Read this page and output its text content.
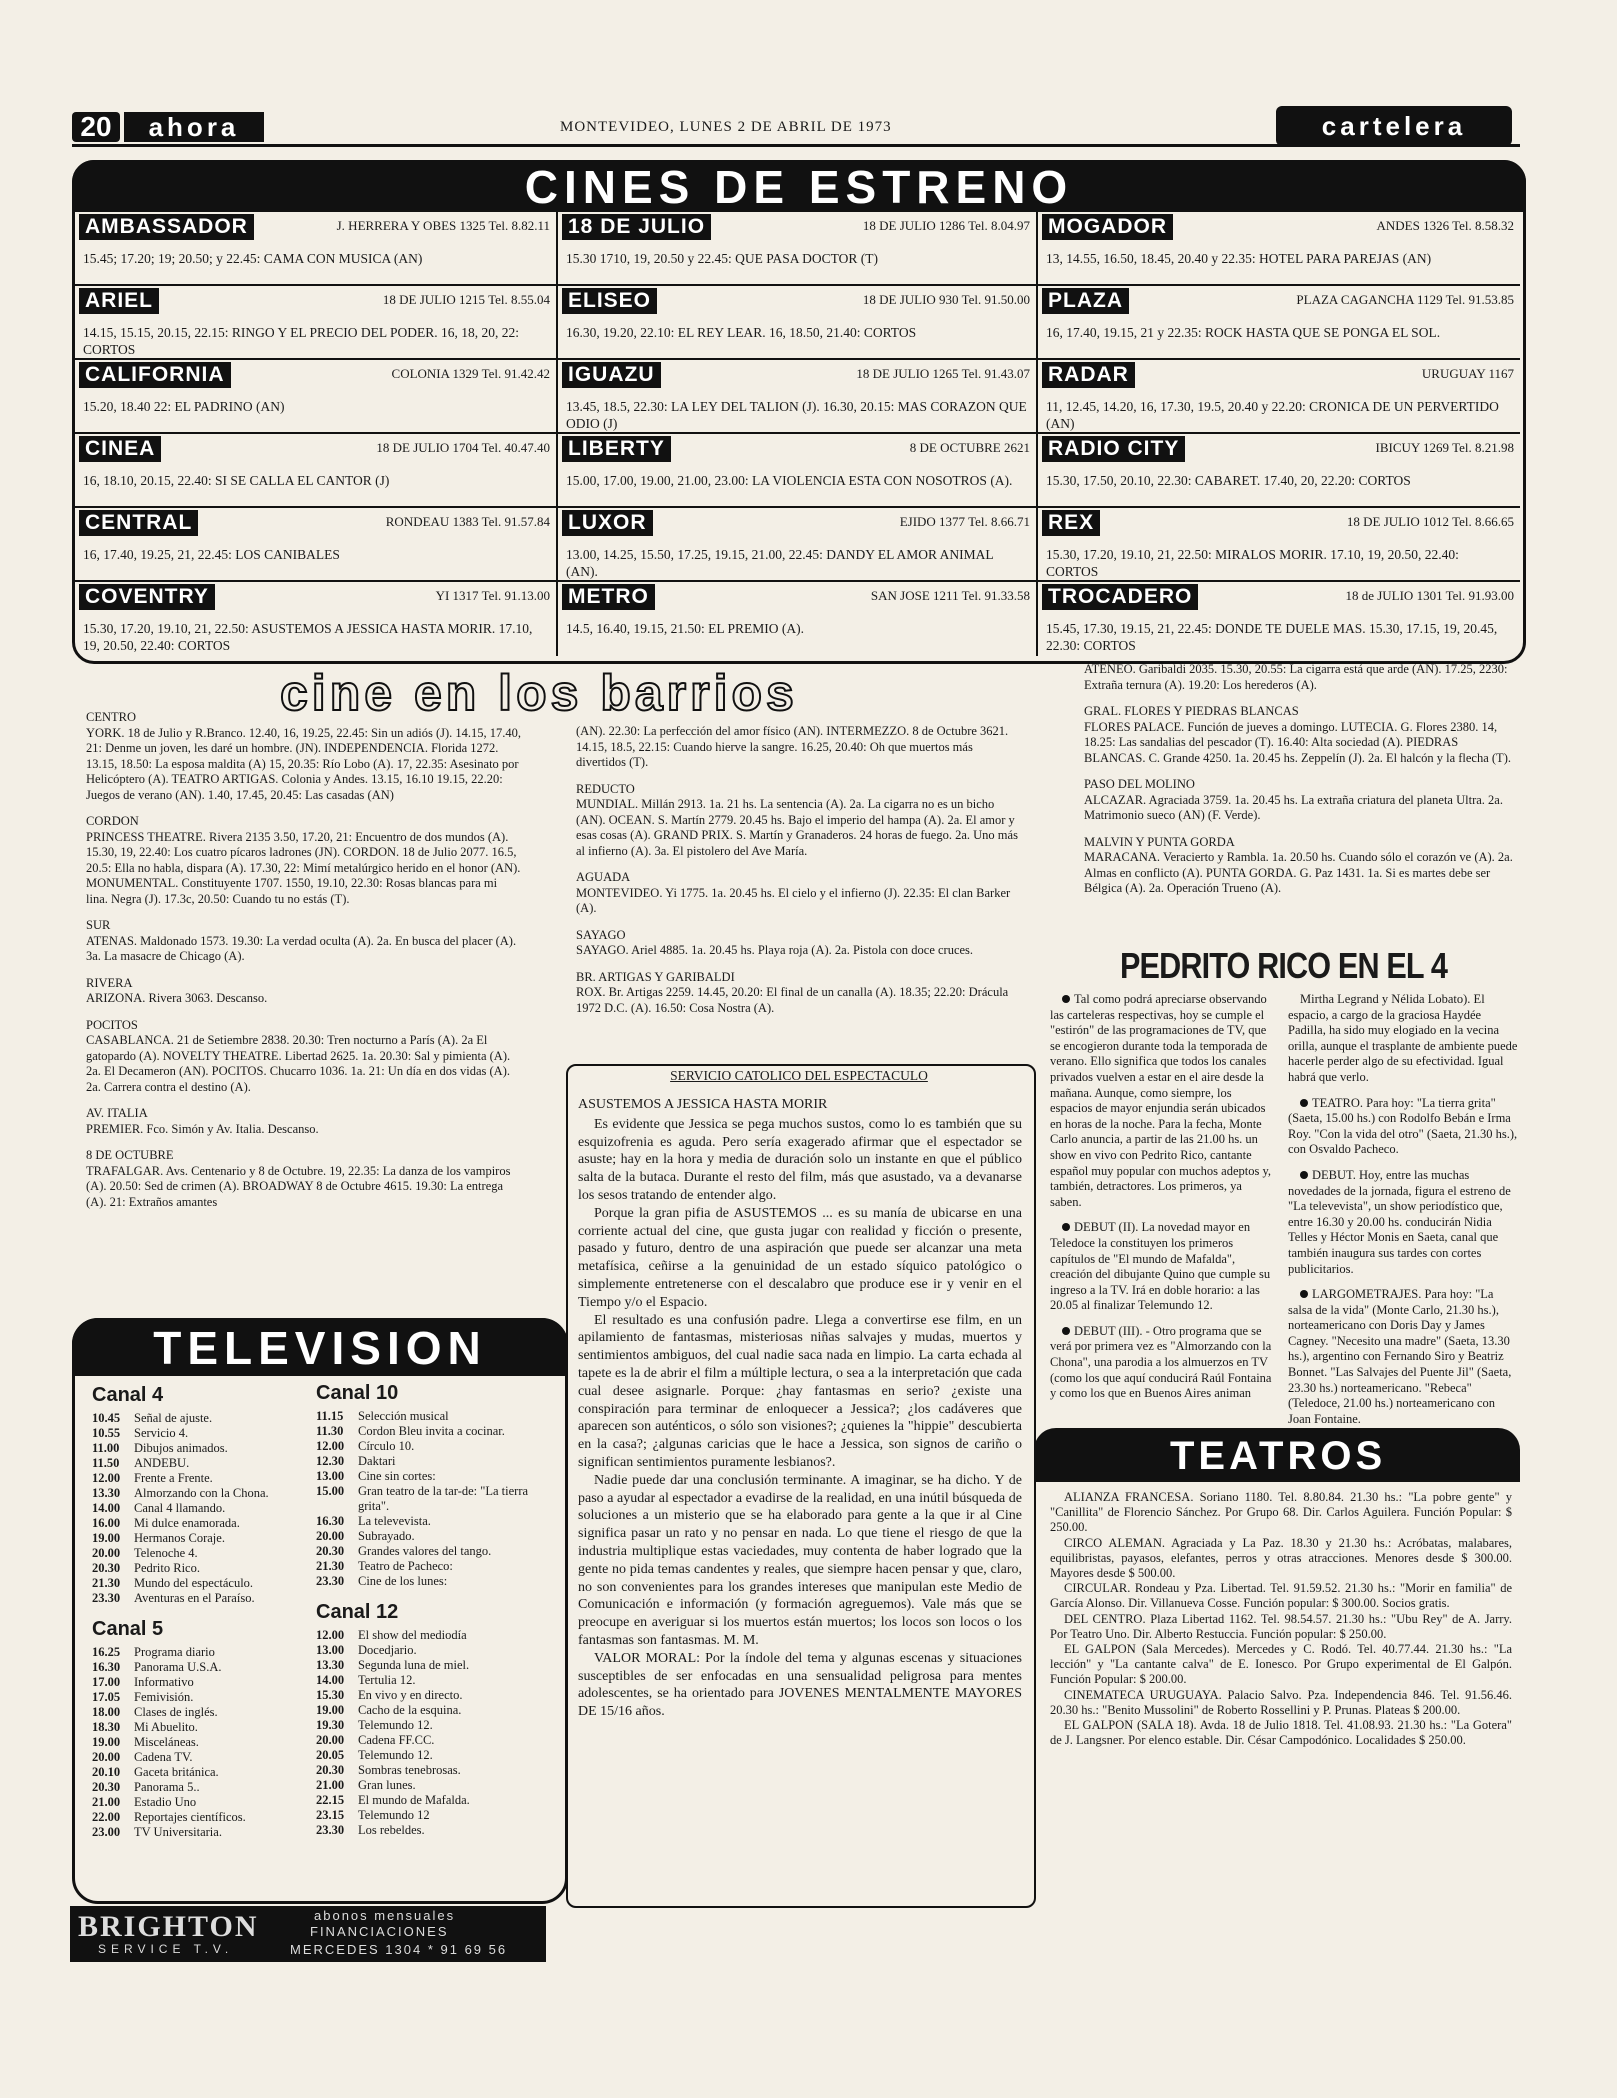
20	ahora	MONTEVIDEO, LUNES 2 DE ABRIL DE 1973	cartelera
CINES DE ESTRENO
AMBASSADOR	J. HERRERA Y OBES 1325 Tel. 8.82.11
15.45; 17.20; 19; 20.50; y 22.45: CAMA CON MUSICA (AN)
18 DE JULIO	18 DE JULIO 1286 Tel. 8.04.97
15.30 1710, 19, 20.50 y 22.45: QUE PASA DOCTOR (T)
MOGADOR	ANDES 1326 Tel. 8.58.32
13, 14.55, 16.50, 18.45, 20.40 y 22.35: HOTEL PARA PAREJAS (AN)
ARIEL	18 DE JULIO 1215 Tel. 8.55.04
14.15, 15.15, 20.15, 22.15: RINGO Y EL PRECIO DEL PODER. 16, 18, 20, 22: CORTOS
ELISEO	18 DE JULIO 930 Tel. 91.50.00
16.30, 19.20, 22.10: EL REY LEAR. 16, 18.50, 21.40: CORTOS
PLAZA	PLAZA CAGANCHA 1129 Tel. 91.53.85
16, 17.40, 19.15, 21 y 22.35: ROCK HASTA QUE SE PONGA EL SOL.
CALIFORNIA	COLONIA 1329 Tel. 91.42.42
15.20, 18.40 22: EL PADRINO (AN)
IGUAZU	18 DE JULIO 1265 Tel. 91.43.07
13.45, 18.5, 22.30: LA LEY DEL TALION (J). 16.30, 20.15: MAS CORAZON QUE ODIO (J)
RADAR	URUGUAY 1167
11, 12.45, 14.20, 16, 17.30, 19.5, 20.40 y 22.20: CRONICA DE UN PERVERTIDO (AN)
CINEA	18 DE JULIO 1704 Tel. 40.47.40
16, 18.10, 20.15, 22.40: SI SE CALLA EL CANTOR (J)
LIBERTY	8 DE OCTUBRE 2621
15.00, 17.00, 19.00, 21.00, 23.00: LA VIOLENCIA ESTA CON NOSOTROS (A).
RADIO CITY	IBICUY 1269 Tel. 8.21.98
15.30, 17.50, 20.10, 22.30: CABARET. 17.40, 20, 22.20: CORTOS
CENTRAL	RONDEAU 1383 Tel. 91.57.84
16, 17.40, 19.25, 21, 22.45: LOS CANIBALES
LUXOR	EJIDO 1377 Tel. 8.66.71
13.00, 14.25, 15.50, 17.25, 19.15, 21.00, 22.45: DANDY EL AMOR ANIMAL (AN).
REX	18 DE JULIO 1012 Tel. 8.66.65
15.30, 17.20, 19.10, 21, 22.50: MIRALOS MORIR. 17.10, 19, 20.50, 22.40: CORTOS
COVENTRY	YI 1317 Tel. 91.13.00
15.30, 17.20, 19.10, 21, 22.50: ASUSTEMOS A JESSICA HASTA MORIR. 17.10, 19, 20.50, 22.40: CORTOS
METRO	SAN JOSE 1211 Tel. 91.33.58
14.5, 16.40, 19.15, 21.50: EL PREMIO (A).
TROCADERO	18 de JULIO 1301 Tel. 91.93.00
15.45, 17.30, 19.15, 21, 22.45: DONDE TE DUELE MAS. 15.30, 17.15, 19, 20.45, 22.30: CORTOS
cine en los barrios

CENTRO
YORK. 18 de Julio y R.Branco. 12.40, 16, 19.25, 22.45: Sin un adiós (J). 14.15, 17.40, 21: Denme un joven, les daré un hombre. (JN). INDEPENDENCIA. Florida 1272. 13.15, 18.50: La esposa maldita (A) 15, 20.35: Río Lobo (A). 17, 22.35: Asesinato por Helicóptero (A). TEATRO ARTIGAS. Colonia y Andes. 13.15, 16.10 19.15, 22.20: Juegos de verano (AN). 1.40, 17.45, 20.45: Las casadas (AN)

CORDON
PRINCESS THEATRE. Rivera 2135 3.50, 17.20, 21: Encuentro de dos mundos (A). 15.30, 19, 22.40: Los cuatro pícaros ladrones (JN). CORDON. 18 de Julio 2077. 16.5, 20.5: Ella no habla, dispara (A). 17.30, 22: Mimí metalúrgico herido en el honor (AN). MONUMENTAL. Constituyente 1707. 1550, 19.10, 22.30: Rosas blancas para mi lina. Negra (J). 17.3c, 20.50: Cuando tu no estás (T).

SUR
ATENAS. Maldonado 1573. 19.30: La verdad oculta (A). 2a. En busca del placer (A). 3a. La masacre de Chicago (A).

RIVERA
ARIZONA. Rivera 3063. Descanso.

POCITOS
CASABLANCA. 21 de Setiembre 2838. 20.30: Tren nocturno a París (A). 2a El gatopardo (A). NOVELTY THEATRE. Libertad 2625. 1a. 20.30: Sal y pimienta (A). 2a. El Decameron (AN). POCITOS. Chucarro 1036. 1a. 21: Un día en dos vidas (A). 2a. Carrera contra el destino (A).

AV. ITALIA
PREMIER. Fco. Simón y Av. Italia. Descanso.

8 DE OCTUBRE
TRAFALGAR. Avs. Centenario y 8 de Octubre. 19, 22.35: La danza de los vampiros (A). 20.50: Sed de crimen (A). BROADWAY 8 de Octubre 4615. 19.30: La entrega (A). 21: Extraños amantes

(AN). 22.30: La perfección del amor físico (AN). INTERMEZZO. 8 de Octubre 3621. 14.15, 18.5, 22.15: Cuando hierve la sangre. 16.25, 20.40: Oh que muertos más divertidos (T).

REDUCTO
MUNDIAL. Millán 2913. 1a. 21 hs. La sentencia (A). 2a. La cigarra no es un bicho (AN). OCEAN. S. Martín 2779. 20.45 hs. Bajo el imperio del hampa (A). 2a. El amor y esas cosas (A). GRAND PRIX. S. Martín y Granaderos. 24 horas de fuego. 2a. Uno más al infierno (A). 3a. El pistolero del Ave María.

AGUADA
MONTEVIDEO. Yi 1775. 1a. 20.45 hs. El cielo y el infierno (J). 22.35: El clan Barker (A).

SAYAGO
SAYAGO. Ariel 4885. 1a. 20.45 hs. Playa roja (A). 2a. Pistola con doce cruces.

BR. ARTIGAS Y GARIBALDI
ROX. Br. Artigas 2259. 14.45, 20.20: El final de un canalla (A). 18.35; 22.20: Drácula 1972 D.C. (A). 16.50: Cosa Nostra (A).

ATENEO. Garibaldi 2035. 15.30, 20.55: La cigarra está que arde (AN). 17.25, 2230: Extraña ternura (A). 19.20: Los herederos (A).

GRAL. FLORES Y PIEDRAS BLANCAS
FLORES PALACE. Función de jueves a domingo. LUTECIA. G. Flores 2380. 14, 18.25: Las sandalias del pescador (T). 16.40: Alta sociedad (A). PIEDRAS BLANCAS. C. Grande 4250. 1a. 20.45 hs. Zeppelín (J). 2a. El halcón y la flecha (T).

PASO DEL MOLINO
ALCAZAR. Agraciada 3759. 1a. 20.45 hs. La extraña criatura del planeta Ultra. 2a. Matrimonio sueco (AN) (F. Verde).

MALVIN Y PUNTA GORDA
MARACANA. Veracierto y Rambla. 1a. 20.50 hs. Cuando sólo el corazón ve (A). 2a. Almas en conflicto (A). PUNTA GORDA. G. Paz 1431. 1a. Si es martes debe ser Bélgica (A). 2a. Operación Trueno (A).

PEDRITO RICO EN EL 4

Tal como podrá apreciarse observando las carteleras respectivas, hoy se cumple el "estirón" de las programaciones de TV, que se encogieron durante toda la temporada de verano. Ello significa que todos los canales privados vuelven a estar en el aire desde la mañana. Aunque, como siempre, los espacios de mayor enjundia serán ubicados en horas de la noche. Para la fecha, Monte Carlo anuncia, a partir de las 21.00 hs. un show en vivo con Pedrito Rico, cantante español muy popular con muchos adeptos y, también, detractores. Los primeros, ya saben.

DEBUT (II). La novedad mayor en Teledoce la constituyen los primeros capítulos de "El mundo de Mafalda", creación del dibujante Quino que cumple su ingreso a la TV. Irá en doble horario: a las 20.05 al finalizar Telemundo 12.

DEBUT (III). - Otro programa que se verá por primera vez es "Almorzando con la Chona", una parodia a los almuerzos en TV (como los que aquí conducirá Raúl Fontaina y como los que en Buenos Aires animan

Mirtha Legrand y Nélida Lobato). El espacio, a cargo de la graciosa Haydée Padilla, ha sido muy elogiado en la vecina orilla, aunque el trasplante de ambiente puede hacerle perder algo de su efectividad. Igual habrá que verlo.

TEATRO. Para hoy: "La tierra grita" (Saeta, 15.00 hs.) con Rodolfo Bebán e Irma Roy. "Con la vida del otro" (Saeta, 21.30 hs.), con Osvaldo Pacheco.

DEBUT. Hoy, entre las muchas novedades de la jornada, figura el estreno de "La televevista", un show periodístico que, entre 16.30 y 20.00 hs. conducirán Nidia Telles y Héctor Monis en Saeta, canal que también inaugura sus tardes con cortes publicitarios.

LARGOMETRAJES. Para hoy: "La salsa de la vida" (Monte Carlo, 21.30 hs.), norteamericano con Doris Day y James Cagney. "Necesito una madre" (Saeta, 13.30 hs.), argentino con Fernando Siro y Beatriz Bonnet. "Las Salvajes del Puente Jil" (Saeta, 23.30 hs.) norteamericano. "Rebeca" (Teledoce, 21.00 hs.) norteamericano con Joan Fontaine.

SERVICIO CATOLICO DEL ESPECTACULO
ASUSTEMOS A JESSICA HASTA MORIR

Es evidente que Jessica se pega muchos sustos, como lo es también que su esquizofrenia es aguda. Pero sería exagerado afirmar que el espectador se asuste; hay en la hora y media de duración solo un instante en que el público salta de la butaca. Durante el resto del film, más que asustado, va a devanarse los sesos tratando de entender algo.

Porque la gran pifia de ASUSTEMOS ... es su manía de ubicarse en una corriente actual del cine, que gusta jugar con realidad y ficción o presente, pasado y futuro, dentro de una aspiración que puede ser alcanzar una meta metafísica, ceñirse a la genuinidad de un estado síquico patológico o simplemente entretenerse con el descalabro que produce ese ir y venir en el Tiempo y/o el Espacio.

El resultado es una confusión padre. Llega a convertirse ese film, en un apilamiento de fantasmas, misteriosas niñas salvajes y mudas, muertos y sentimientos ambiguos, del cual nadie saca nada en limpio. La carta echada al tapete es la de abrir el film a múltiple lectura, o sea a la interpretación que cada cual desee asignarle. Porque: ¿hay fantasmas en serio? ¿existe una conspiración para terminar de enloquecer a Jessica?; ¿los cadáveres que aparecen son auténticos, o sólo son visiones?; ¿quienes la "hippie" descubierta en la casa?; ¿algunas caricias que le hace a Jessica, son signos de cariño o significan sentimientos puramente lesbianos?.

Nadie puede dar una conclusión terminante. A imaginar, se ha dicho. Y de paso a ayudar al espectador a evadirse de la realidad, en una inútil búsqueda de soluciones a un misterio que se ha elaborado para gente a la que ir al Cine significa pasar un rato y no pensar en nada. Lo que tiene el riesgo de que la industria multiplique estas vaciedades, muy contenta de haber logrado que la gente no pida temas candentes y reales, que siempre hacen pensar y que, claro, no son convenientes para los grandes intereses que manipulan este Medio de Comunicación e información (y formación agreguemos). Vale más que se preocupe en averiguar si los muertos están muertos; los locos son locos o los fantasmas son fantasmas. M. M.

VALOR MORAL: Por la índole del tema y algunas escenas y situaciones susceptibles de ser enfocadas en una sensualidad peligrosa para mentes adolescentes, se ha orientado para JOVENES MENTALMENTE MAYORES DE 15/16 años.

TELEVISION
Canal 4
10.45	Señal de ajuste.
10.55	Servicio 4.
11.00	Dibujos animados.
11.50	ANDEBU.
12.00	Frente a Frente.
13.30	Almorzando con la Chona.
14.00	Canal 4 llamando.
16.00	Mi dulce enamorada.
19.00	Hermanos Coraje.
20.00	Telenoche 4.
20.30	Pedrito Rico.
21.30	Mundo del espectáculo.
23.30	Aventuras en el Paraíso.
Canal 5
16.25	Programa diario
16.30	Panorama U.S.A.
17.00	Informativo
17.05	Femivisión.
18.00	Clases de inglés.
18.30	Mi Abuelito.
19.00	Misceláneas.
20.00	Cadena TV.
20.10	Gaceta británica.
20.30	Panorama 5..
21.00	Estadio Uno
22.00	Reportajes científicos.
23.00	TV Universitaria.
Canal 10
11.15	Selección musical
11.30	Cordon Bleu invita a cocinar.
12.00	Círculo 10.
12.30	Daktari
13.00	Cine sin cortes:
15.00	Gran teatro de la tar-de: "La tierra grita".
16.30	La televevista.
20.00	Subrayado.
20.30	Grandes valores del tango.
21.30	Teatro de Pacheco:
23.30	Cine de los lunes:
Canal 12
12.00	El show del mediodía
13.00	Docedjario.
13.30	Segunda luna de miel.
14.00	Tertulia 12.
15.30	En vivo y en directo.
19.00	Cacho de la esquina.
19.30	Telemundo 12.
20.00	Cadena FF.CC.
20.05	Telemundo 12.
20.30	Sombras tenebrosas.
21.00	Gran lunes.
22.15	El mundo de Mafalda.
23.15	Telemundo 12
23.30	Los rebeldes.
BRIGHTON
SERVICE T.V.
abonos mensuales
FINANCIACIONES
MERCEDES 1304 * 91 69 56
TEATROS

ALIANZA FRANCESA. Soriano 1180. Tel. 8.80.84. 21.30 hs.: "La pobre gente" y "Canillita" de Florencio Sánchez. Por Grupo 68. Dir. Carlos Aguilera. Función Popular: $ 250.00.

CIRCO ALEMAN. Agraciada y La Paz. 18.30 y 21.30 hs.: Acróbatas, malabares, equilibristas, payasos, elefantes, perros y otras atracciones. Menores desde $ 300.00. Mayores desde $ 500.00.

CIRCULAR. Rondeau y Pza. Libertad. Tel. 91.59.52. 21.30 hs.: "Morir en familia" de García Alonso. Dir. Villanueva Cosse. Función popular: $ 300.00. Socios gratis.

DEL CENTRO. Plaza Libertad 1162. Tel. 98.54.57. 21.30 hs.: "Ubu Rey" de A. Jarry. Por Teatro Uno. Dir. Alberto Restuccia. Función popular: $ 250.00.

EL GALPON (Sala Mercedes). Mercedes y C. Rodó. Tel. 40.77.44. 21.30 hs.: "La lección" y "La cantante calva" de E. Ionesco. Por Grupo experimental de El Galpón. Función Popular: $ 200.00.

CINEMATECA URUGUAYA. Palacio Salvo. Pza. Independencia 846. Tel. 91.56.46. 20.30 hs.: "Benito Mussolini" de Roberto Rossellini y P. Prunas. Plateas $ 200.00.

EL GALPON (SALA 18). Avda. 18 de Julio 1818. Tel. 41.08.93. 21.30 hs.: "La Gotera" de J. Langsner. Por elenco estable. Dir. César Campodónico. Localidades $ 250.00.
